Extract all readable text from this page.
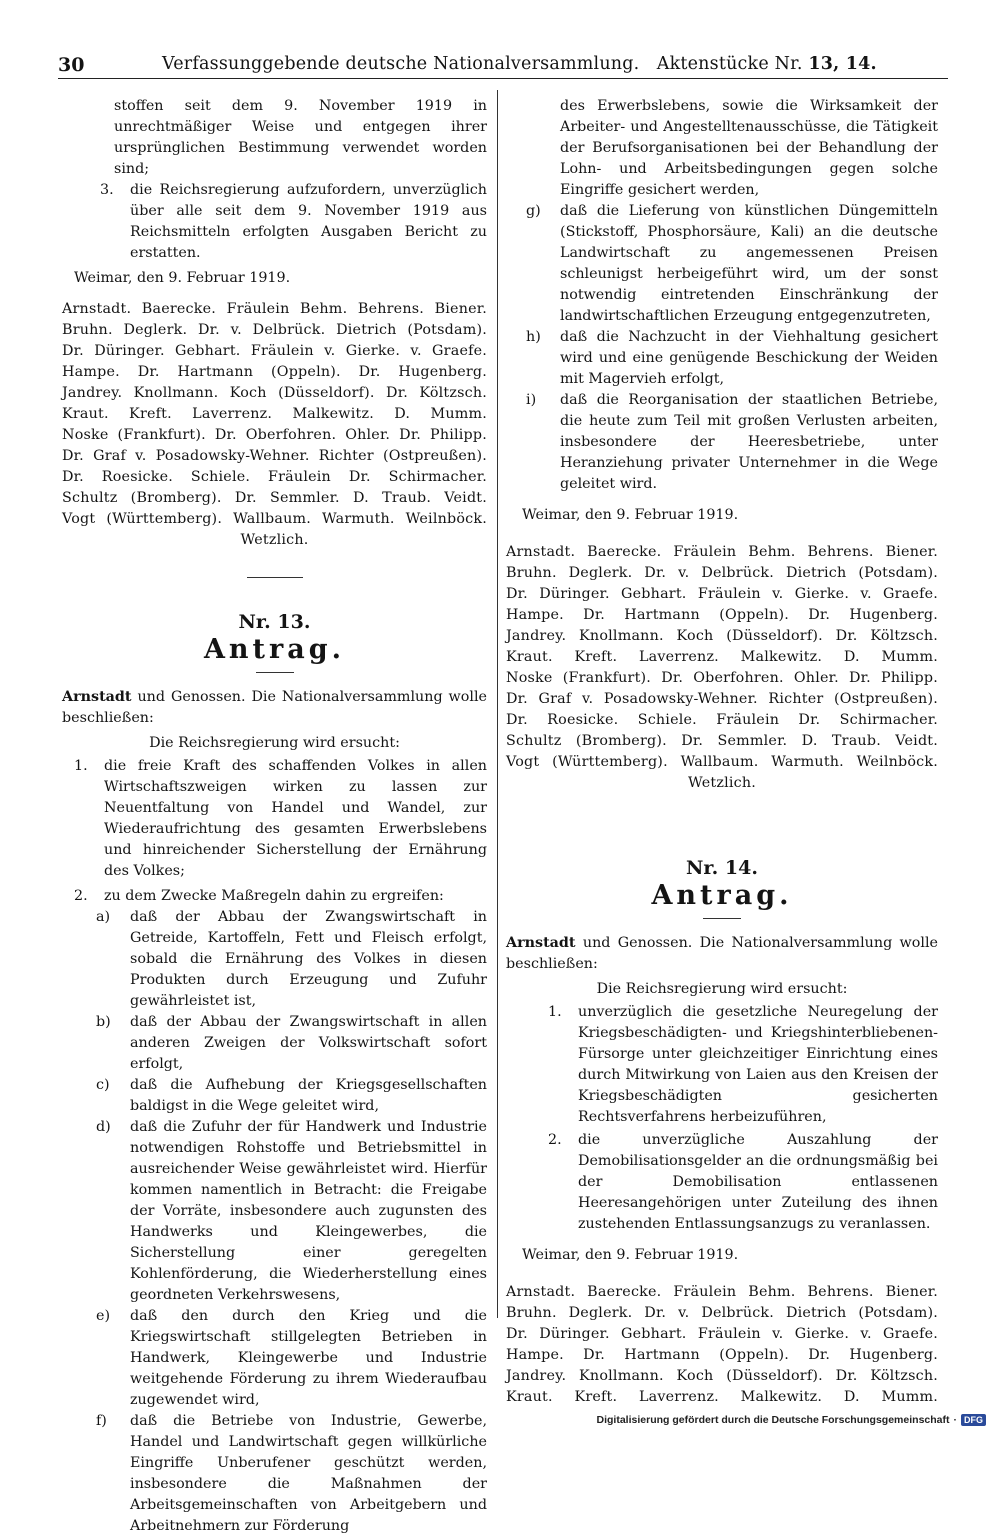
30	Verfassunggebende deutsche Nationalversammlung. Aktenstücke Nr. 13, 14.

stoffen seit dem 9. November 1919 in unrechtmäßiger Weise und entgegen ihrer ursprünglichen Bestimmung verwendet worden sind;

3.	die Reichsregierung aufzufordern, unverzüglich über alle seit dem 9. November 1919 aus Reichsmitteln erfolgten Ausgaben Bericht zu erstatten.

Weimar, den 9. Februar 1919.

Arnstadt. Baerecke. Fräulein Behm. Behrens. Biener.

Bruhn. Deglerk. Dr. v. Delbrück. Dietrich (Potsdam).

Dr. Düringer. Gebhart. Fräulein v. Gierke. v. Graefe.

Hampe. Dr. Hartmann (Oppeln). Dr. Hugenberg.

Jandrey. Knollmann. Koch (Düsseldorf). Dr. Költzsch.

Kraut. Kreft. Laverrenz. Malkewitz. D. Mumm.

Noske (Frankfurt). Dr. Oberfohren. Ohler. Dr. Philipp.

Dr. Graf v. Posadowsky-Wehner. Richter (Ostpreußen).

Dr. Roesicke. Schiele. Fräulein Dr. Schirmacher.

Schultz (Bromberg). Dr. Semmler. D. Traub. Veidt.

Vogt (Württemberg). Wallbaum. Warmuth. Weilnböck.

Wetzlich.

Nr. 13.
Antrag.

Arnstadt und Genossen. Die Nationalversammlung wolle beschließen:

Die Reichsregierung wird ersucht:

1.	die freie Kraft des schaffenden Volkes in allen Wirtschaftszweigen wirken zu lassen zur Neuentfaltung von Handel und Wandel, zur Wiederaufrichtung des gesamten Erwerbslebens und hinreichender Sicherstellung der Ernährung des Volkes;
2.	zu dem Zwecke Maßregeln dahin zu ergreifen:
a)	daß der Abbau der Zwangswirtschaft in Getreide, Kartoffeln, Fett und Fleisch erfolgt, sobald die Ernährung des Volkes in diesen Produkten durch Erzeugung und Zufuhr gewährleistet ist,
b)	daß der Abbau der Zwangswirtschaft in allen anderen Zweigen der Volkswirtschaft sofort erfolgt,
c)	daß die Aufhebung der Kriegsgesellschaften baldigst in die Wege geleitet wird,
d)	daß die Zufuhr der für Handwerk und Industrie notwendigen Rohstoffe und Betriebsmittel in ausreichender Weise gewährleistet wird. Hierfür kommen namentlich in Betracht: die Freigabe der Vorräte, insbesondere auch zugunsten des Handwerks und Kleingewerbes, die Sicherstellung einer geregelten Kohlenförderung, die Wiederherstellung eines geordneten Verkehrswesens,
e)	daß den durch den Krieg und die Kriegswirtschaft stillgelegten Betrieben in Handwerk, Kleingewerbe und Industrie weitgehende Förderung zu ihrem Wiederaufbau zugewendet wird,
f)	daß die Betriebe von Industrie, Gewerbe, Handel und Landwirtschaft gegen willkürliche Eingriffe Unberufener geschützt werden, insbesondere die Maßnahmen der Arbeitsgemeinschaften von Arbeitgebern und Arbeitnehmern zur Förderung

des Erwerbslebens, sowie die Wirksamkeit der Arbeiter- und Angestelltenausschüsse, die Tätigkeit der Berufsorganisationen bei der Behandlung der Lohn- und Arbeitsbedingungen gegen solche Eingriffe gesichert werden,

g)	daß die Lieferung von künstlichen Düngemitteln (Stickstoff, Phosphorsäure, Kali) an die deutsche Landwirtschaft zu angemessenen Preisen schleunigst herbeigeführt wird, um der sonst notwendig eintretenden Einschränkung der landwirtschaftlichen Erzeugung entgegenzutreten,
h)	daß die Nachzucht in der Viehhaltung gesichert wird und eine genügende Beschickung der Weiden mit Magervieh erfolgt,
i)	daß die Reorganisation der staatlichen Betriebe, die heute zum Teil mit großen Verlusten arbeiten, insbesondere der Heeresbetriebe, unter Heranziehung privater Unternehmer in die Wege geleitet wird.

Weimar, den 9. Februar 1919.

Arnstadt. Baerecke. Fräulein Behm. Behrens. Biener.

Bruhn. Deglerk. Dr. v. Delbrück. Dietrich (Potsdam).

Dr. Düringer. Gebhart. Fräulein v. Gierke. v. Graefe.

Hampe. Dr. Hartmann (Oppeln). Dr. Hugenberg.

Jandrey. Knollmann. Koch (Düsseldorf). Dr. Költzsch.

Kraut. Kreft. Laverrenz. Malkewitz. D. Mumm.

Noske (Frankfurt). Dr. Oberfohren. Ohler. Dr. Philipp.

Dr. Graf v. Posadowsky-Wehner. Richter (Ostpreußen).

Dr. Roesicke. Schiele. Fräulein Dr. Schirmacher.

Schultz (Bromberg). Dr. Semmler. D. Traub. Veidt.

Vogt (Württemberg). Wallbaum. Warmuth. Weilnböck.

Wetzlich.

Nr. 14.
Antrag.

Arnstadt und Genossen. Die Nationalversammlung wolle beschließen:

Die Reichsregierung wird ersucht:

1.	unverzüglich die gesetzliche Neuregelung der Kriegsbeschädigten- und Kriegshinterbliebenen-Fürsorge unter gleichzeitiger Einrichtung eines durch Mitwirkung von Laien aus den Kreisen der Kriegsbeschädigten gesicherten Rechtsverfahrens herbeizuführen,
2.	die unverzügliche Auszahlung der Demobilisationsgelder an die ordnungsmäßig bei der Demobilisation entlassenen Heeresangehörigen unter Zuteilung des ihnen zustehenden Entlassungsanzugs zu veranlassen.

Weimar, den 9. Februar 1919.

Arnstadt. Baerecke. Fräulein Behm. Behrens. Biener.

Bruhn. Deglerk. Dr. v. Delbrück. Dietrich (Potsdam).

Dr. Düringer. Gebhart. Fräulein v. Gierke. v. Graefe.

Hampe. Dr. Hartmann (Oppeln). Dr. Hugenberg.

Jandrey. Knollmann. Koch (Düsseldorf). Dr. Költzsch.

Kraut. Kreft. Laverrenz. Malkewitz. D. Mumm.

Digitalisierung gefördert durch die Deutsche Forschungsgemeinschaft · DFG
